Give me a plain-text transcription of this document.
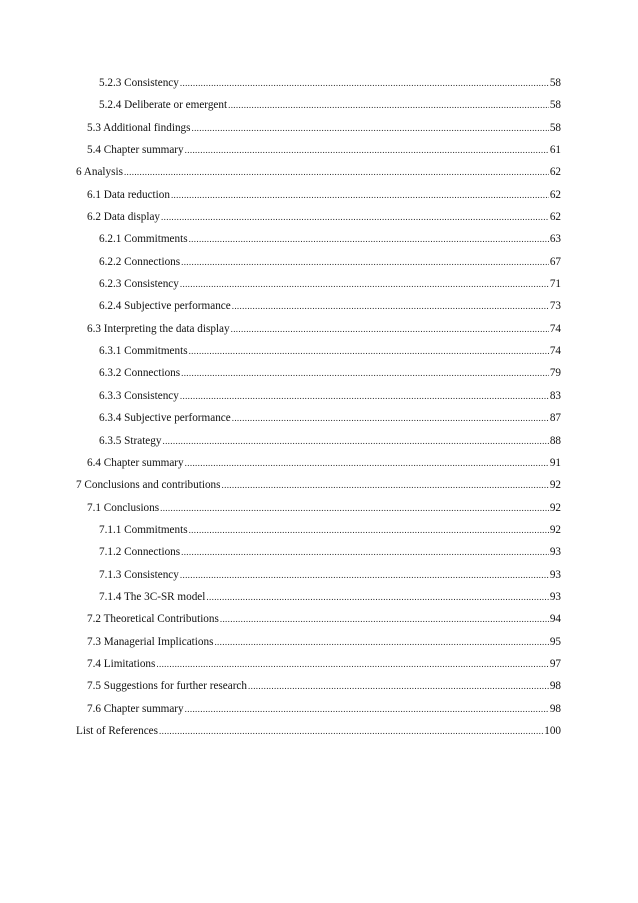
5.2.3 Consistency .....	58
5.2.4 Deliberate or emergent .....	58
5.3 Additional findings .....	58
5.4 Chapter summary .....	61
6 Analysis .....	62
6.1 Data reduction .....	62
6.2 Data display .....	62
6.2.1 Commitments .....	63
6.2.2 Connections .....	67
6.2.3 Consistency .....	71
6.2.4 Subjective performance .....	73
6.3 Interpreting the data display .....	74
6.3.1 Commitments .....	74
6.3.2 Connections .....	79
6.3.3 Consistency .....	83
6.3.4 Subjective performance .....	87
6.3.5 Strategy .....	88
6.4 Chapter summary .....	91
7 Conclusions and contributions .....	92
7.1 Conclusions .....	92
7.1.1 Commitments .....	92
7.1.2 Connections .....	93
7.1.3 Consistency .....	93
7.1.4 The 3C-SR model .....	93
7.2 Theoretical Contributions .....	94
7.3 Managerial Implications .....	95
7.4 Limitations .....	97
7.5 Suggestions for further research .....	98
7.6 Chapter summary .....	98
List of References .....	100
